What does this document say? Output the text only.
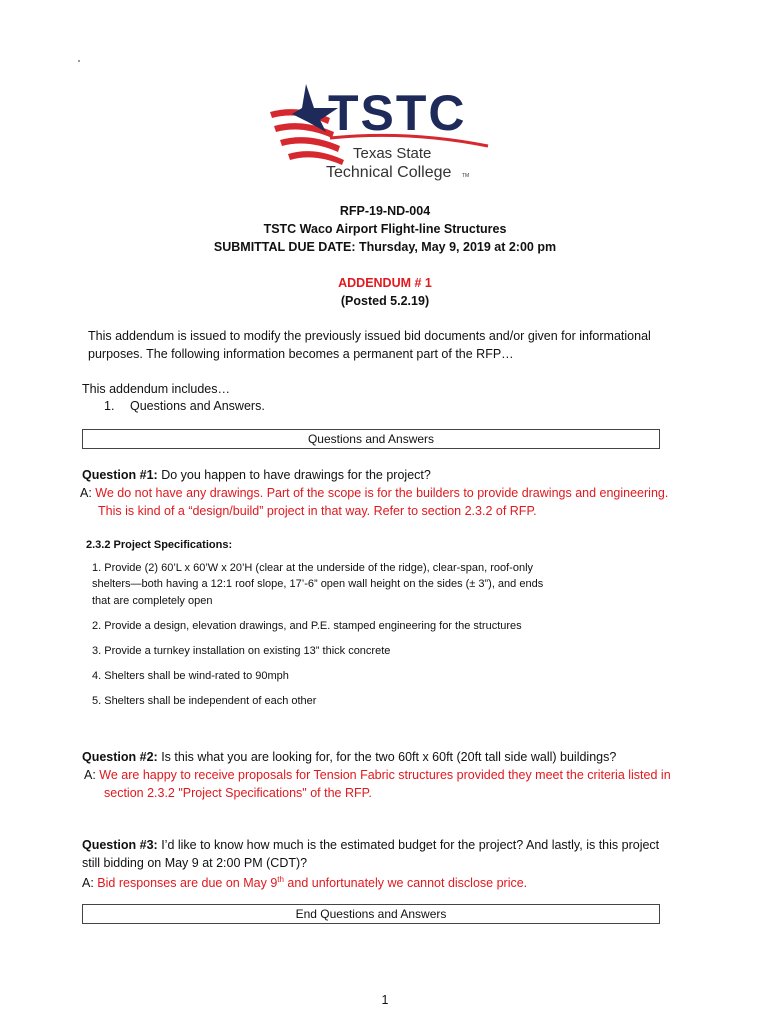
TSTC
Texas State
Technical College TM
RFP-19-ND-004
TSTC Waco Airport Flight-line Structures
SUBMITTAL DUE DATE: Thursday, May 9, 2019 at 2:00 pm
ADDENDUM # 1
(Posted 5.2.19)
This addendum is issued to modify the previously issued bid documents and/or given for informational
purposes. The following information becomes a permanent part of the RFP…
This addendum includes…
1. Questions and Answers.
Questions and Answers
Question #1: Do you happen to have drawings for the project?
A: We do not have any drawings. Part of the scope is for the builders to provide drawings and engineering.
This is kind of a “design/build” project in that way. Refer to section 2.3.2 of RFP.
2.3.2 Project Specifications:
1. Provide (2) 60’L x 60’W x 20’H (clear at the underside of the ridge), clear-span, roof-only
shelters—both having a 12:1 roof slope, 17’-6” open wall height on the sides (± 3”), and ends
that are completely open
2. Provide a design, elevation drawings, and P.E. stamped engineering for the structures
3. Provide a turnkey installation on existing 13” thick concrete
4. Shelters shall be wind-rated to 90mph
5. Shelters shall be independent of each other
Question #2: Is this what you are looking for, for the two 60ft x 60ft (20ft tall side wall) buildings?
A: We are happy to receive proposals for Tension Fabric structures provided they meet the criteria listed in
section 2.3.2 "Project Specifications" of the RFP.
Question #3: I’d like to know how much is the estimated budget for the project? And lastly, is this project
still bidding on May 9 at 2:00 PM (CDT)?
A: Bid responses are due on May 9th and unfortunately we cannot disclose price.
End Questions and Answers
1
